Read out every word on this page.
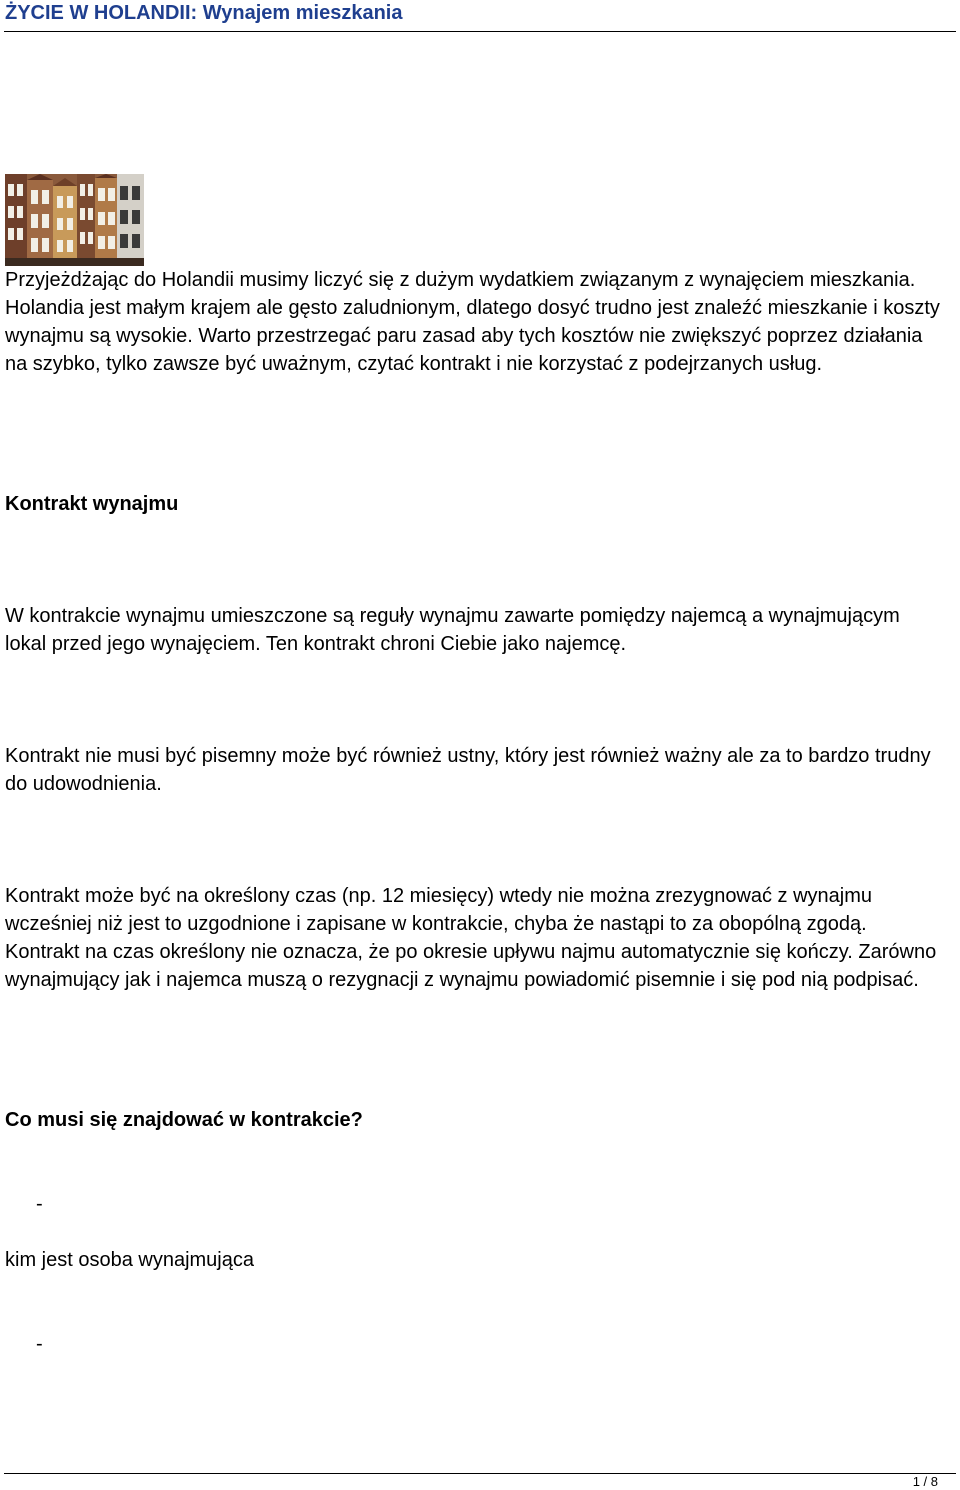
ŻYCIE W HOLANDII: Wynajem mieszkania

Przyjeżdżając do Holandii musimy liczyć się z dużym wydatkiem związanym z wynajęciem mieszkania. Holandia jest małym krajem ale gęsto zaludnionym, dlatego dosyć trudno jest znaleźć mieszkanie i koszty wynajmu są wysokie. Warto przestrzegać paru zasad aby tych kosztów nie zwiększyć poprzez działania na szybko, tylko zawsze być uważnym, czytać kontrakt i nie korzystać z podejrzanych usług.

Kontrakt wynajmu

W kontrakcie wynajmu umieszczone są reguły wynajmu zawarte pomiędzy najemcą a wynajmującym lokal przed jego wynajęciem. Ten kontrakt chroni Ciebie jako najemcę.

Kontrakt nie musi być pisemny może być również ustny, który jest również ważny ale za to bardzo trudny do udowodnienia.

Kontrakt może być na określony czas (np. 12 miesięcy) wtedy nie można zrezygnować z wynajmu wcześniej niż jest to uzgodnione i zapisane w kontrakcie, chyba że nastąpi to za obopólną zgodą. Kontrakt na czas określony nie oznacza, że po okresie upływu najmu automatycznie się kończy. Zarówno wynajmujący jak i najemca muszą o rezygnacji z wynajmu powiadomić pisemnie i się pod nią podpisać.

Co musi się znajdować w kontrakcie?

-

kim jest osoba wynajmująca

-

1 / 8
